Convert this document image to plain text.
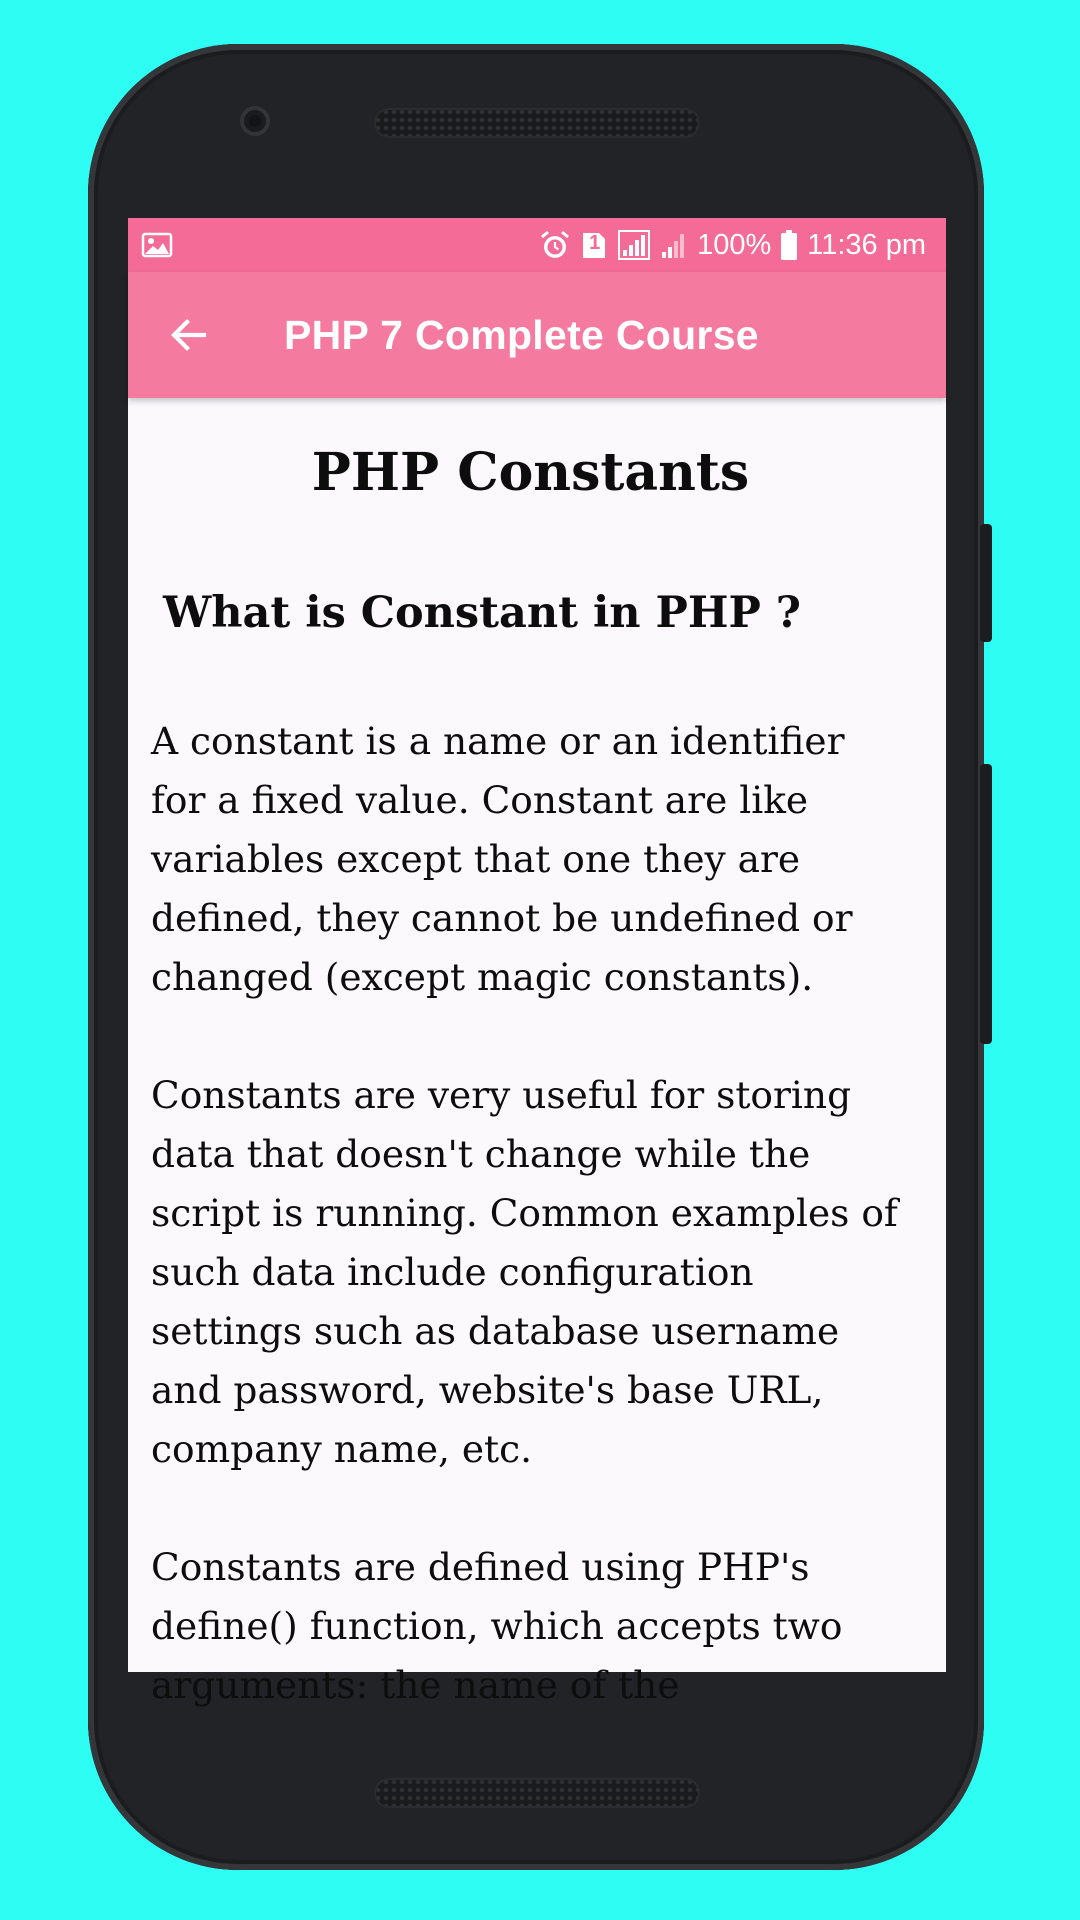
1	100% 11:36 pm
PHP 7 Complete Course
PHP Constants
What is Constant in PHP ?
A constant is a name or an identifier for a fixed value. Constant are like variables except that one they are defined, they cannot be undefined or changed (except magic constants).
Constants are very useful for storing data that doesn't change while the script is running. Common examples of such data include configuration settings such as database username and password, website's base URL, company name, etc.
Constants are defined using PHP's define() function, which accepts two arguments: the name of the
